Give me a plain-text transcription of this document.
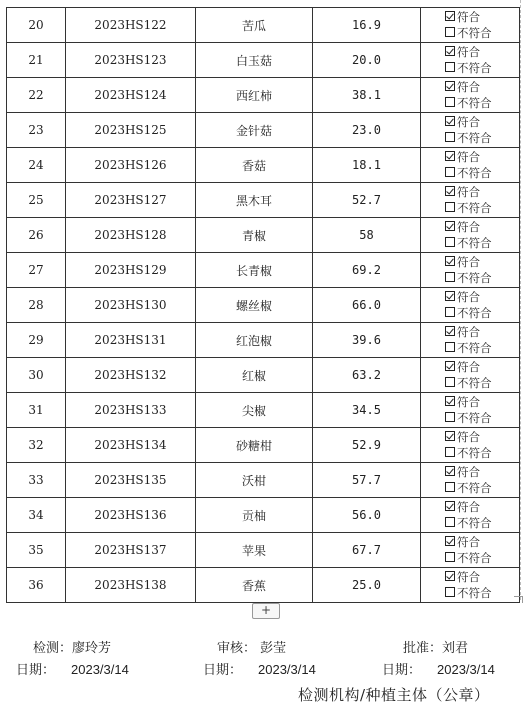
20	2023HS122	苦瓜	16.9	符合
不符合

21	2023HS123	白玉菇	20.0	符合
不符合

22	2023HS124	西红柿	38.1	符合
不符合

23	2023HS125	金针菇	23.0	符合
不符合

24	2023HS126	香菇	18.1	符合
不符合

25	2023HS127	黑木耳	52.7	符合
不符合

26	2023HS128	青椒	58	符合
不符合

27	2023HS129	长青椒	69.2	符合
不符合

28	2023HS130	螺丝椒	66.0	符合
不符合

29	2023HS131	红泡椒	39.6	符合
不符合

30	2023HS132	红椒	63.2	符合
不符合

31	2023HS133	尖椒	34.5	符合
不符合

32	2023HS134	砂糖柑	52.9	符合
不符合

33	2023HS135	沃柑	57.7	符合
不符合

34	2023HS136	贡柚	56.0	符合
不符合

35	2023HS137	苹果	67.7	符合
不符合

36	2023HS138	香蕉	25.0	符合
不符合
+
检测：廖玲芳	审核： 彭莹	批准：刘君
日期： 2023/3/14	日期： 2023/3/14	日期： 2023/3/14
检测机构/种植主体（公章）
